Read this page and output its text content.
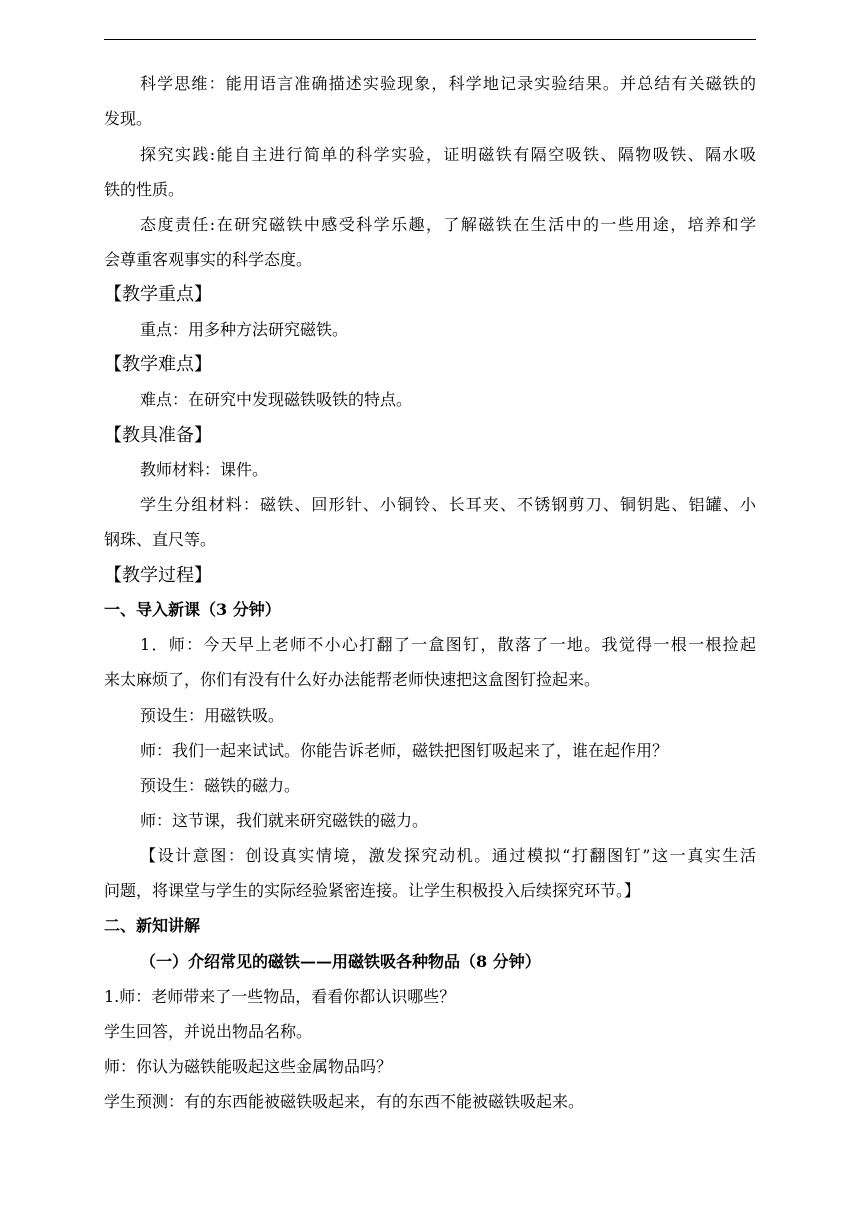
科学思维：能用语言准确描述实验现象，科学地记录实验结果。并总结有关磁铁的
发现。
探究实践:能自主进行简单的科学实验，证明磁铁有隔空吸铁、隔物吸铁、隔水吸
铁的性质。
态度责任:在研究磁铁中感受科学乐趣，了解磁铁在生活中的一些用途，培养和学
会尊重客观事实的科学态度。
【教学重点】
重点：用多种方法研究磁铁。
【教学难点】
难点：在研究中发现磁铁吸铁的特点。
【教具准备】
教师材料：课件。
学生分组材料：磁铁、回形针、小铜铃、长耳夹、不锈钢剪刀、铜钥匙、铝罐、小
钢珠、直尺等。
【教学过程】
一、导入新课（3 分钟）
1．师：今天早上老师不小心打翻了一盒图钉，散落了一地。我觉得一根一根捡起
来太麻烦了，你们有没有什么好办法能帮老师快速把这盒图钉捡起来。
预设生：用磁铁吸。
师：我们一起来试试。你能告诉老师，磁铁把图钉吸起来了，谁在起作用？
预设生：磁铁的磁力。
师：这节课，我们就来研究磁铁的磁力。
【设计意图：创设真实情境，激发探究动机。通过模拟“打翻图钉”这一真实生活
问题，将课堂与学生的实际经验紧密连接。让学生积极投入后续探究环节。】
二、新知讲解
（一）介绍常见的磁铁——用磁铁吸各种物品（8 分钟）
1.师：老师带来了一些物品，看看你都认识哪些？
学生回答，并说出物品名称。
师：你认为磁铁能吸起这些金属物品吗？
学生预测：有的东西能被磁铁吸起来，有的东西不能被磁铁吸起来。
